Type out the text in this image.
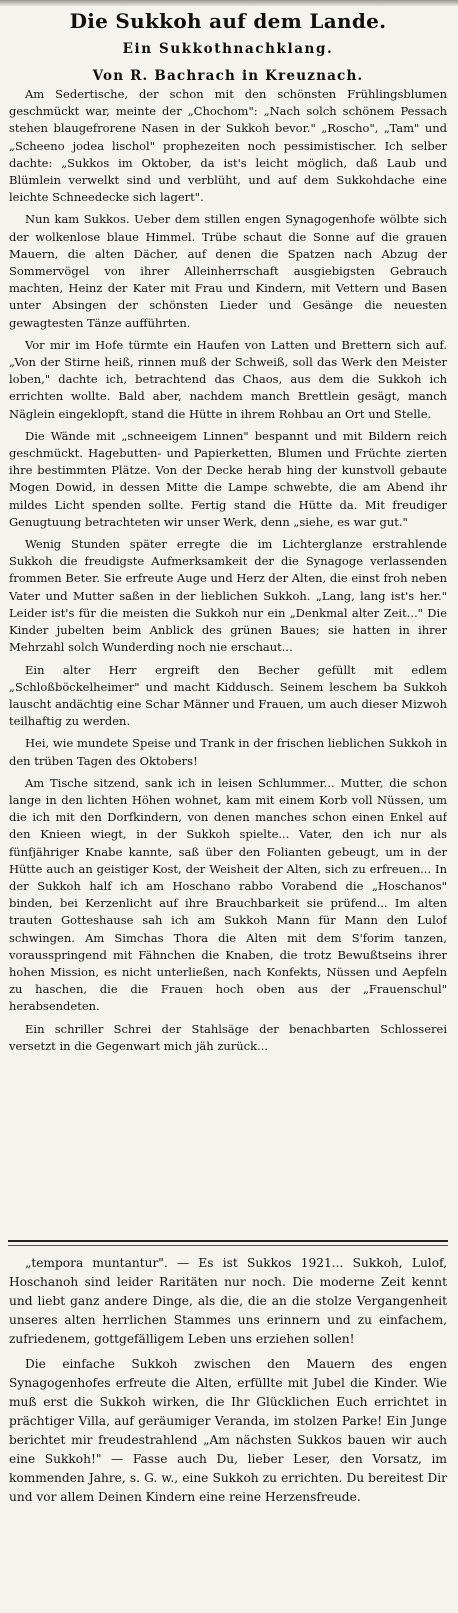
Die Sukkoh auf dem Lande.
Ein Sukkothnachklang.
Von R. Bachrach in Kreuznach.

Am Sedertische, der schon mit den schönsten Frühlingsblumen geschmückt war, meinte der „Chochom": „Nach solch schönem Pessach stehen blaugefrorene Nasen in der Sukkoh bevor." „Roscho", „Tam" und „Scheeno jodea lischol" prophezeiten noch pessimistischer. Ich selber dachte: „Sukkos im Oktober, da ist's leicht möglich, daß Laub und Blümlein verwelkt sind und verblüht, und auf dem Sukkohdache eine leichte Schneedecke sich lagert".

Nun kam Sukkos. Ueber dem stillen engen Synagogenhofe wölbte sich der wolkenlose blaue Himmel. Trübe schaut die Sonne auf die grauen Mauern, die alten Dächer, auf denen die Spatzen nach Abzug der Sommervögel von ihrer Alleinherrschaft ausgiebigsten Gebrauch machten, Heinz der Kater mit Frau und Kindern, mit Vettern und Basen unter Absingen der schönsten Lieder und Gesänge die neuesten gewagtesten Tänze aufführten.

Vor mir im Hofe türmte ein Haufen von Latten und Brettern sich auf. „Von der Stirne heiß, rinnen muß der Schweiß, soll das Werk den Meister loben," dachte ich, betrachtend das Chaos, aus dem die Sukkoh ich errichten wollte. Bald aber, nachdem manch Brettlein gesägt, manch Näglein eingeklopft, stand die Hütte in ihrem Rohbau an Ort und Stelle.

Die Wände mit „schneeigem Linnen" bespannt und mit Bildern reich geschmückt. Hagebutten- und Papierketten, Blumen und Früchte zierten ihre bestimmten Plätze. Von der Decke herab hing der kunstvoll gebaute Mogen Dowid, in dessen Mitte die Lampe schwebte, die am Abend ihr mildes Licht spenden sollte. Fertig stand die Hütte da. Mit freudiger Genugtuung betrachteten wir unser Werk, denn „siehe, es war gut."

Wenig Stunden später erregte die im Lichterglanze erstrahlende Sukkoh die freudigste Aufmerksamkeit der die Synagoge verlassenden frommen Beter. Sie erfreute Auge und Herz der Alten, die einst froh neben Vater und Mutter saßen in der lieblichen Sukkoh. „Lang, lang ist's her." Leider ist's für die meisten die Sukkoh nur ein „Denkmal alter Zeit..." Die Kinder jubelten beim Anblick des grünen Baues; sie hatten in ihrer Mehrzahl solch Wunderding noch nie erschaut...

Ein alter Herr ergreift den Becher gefüllt mit edlem „Schloßböckelheimer" und macht Kiddusch. Seinem leschem ba Sukkoh lauscht andächtig eine Schar Männer und Frauen, um auch dieser Mizwoh teilhaftig zu werden.

Hei, wie mundete Speise und Trank in der frischen lieblichen Sukkoh in den trüben Tagen des Oktobers!

Am Tische sitzend, sank ich in leisen Schlummer... Mutter, die schon lange in den lichten Höhen wohnet, kam mit einem Korb voll Nüssen, um die ich mit den Dorfkindern, von denen manches schon einen Enkel auf den Knieen wiegt, in der Sukkoh spielte... Vater, den ich nur als fünfjähriger Knabe kannte, saß über den Folianten gebeugt, um in der Hütte auch an geistiger Kost, der Weisheit der Alten, sich zu erfreuen... In der Sukkoh half ich am Hoschano rabbo Vorabend die „Hoschanos" binden, bei Kerzenlicht auf ihre Brauchbarkeit sie prüfend... Im alten trauten Gotteshause sah ich am Sukkoh Mann für Mann den Lulof schwingen. Am Simchas Thora die Alten mit dem S'forim tanzen, vorausspringend mit Fähnchen die Knaben, die trotz Bewußtseins ihrer hohen Mission, es nicht unterließen, nach Konfekts, Nüssen und Aepfeln zu haschen, die die Frauen hoch oben aus der „Frauenschul" herabsendeten.

Ein schriller Schrei der Stahlsäge der benachbarten Schlosserei versetzt in die Gegenwart mich jäh zurück...

„tempora muntantur". — Es ist Sukkos 1921... Sukkoh, Lulof, Hoschanoh sind leider Raritäten nur noch. Die moderne Zeit kennt und liebt ganz andere Dinge, als die, die an die stolze Vergangenheit unseres alten herrlichen Stammes uns erinnern und zu einfachem, zufriedenem, gottgefälligem Leben uns erziehen sollen!

Die einfache Sukkoh zwischen den Mauern des engen Synagogenhofes erfreute die Alten, erfüllte mit Jubel die Kinder. Wie muß erst die Sukkoh wirken, die Ihr Glücklichen Euch errichtet in prächtiger Villa, auf geräumiger Veranda, im stolzen Parke! Ein Junge berichtet mir freudestrahlend „Am nächsten Sukkos bauen wir auch eine Sukkoh!" — Fasse auch Du, lieber Leser, den Vorsatz, im kommenden Jahre, s. G. w., eine Sukkoh zu errichten. Du bereitest Dir und vor allem Deinen Kindern eine reine Herzensfreude.
